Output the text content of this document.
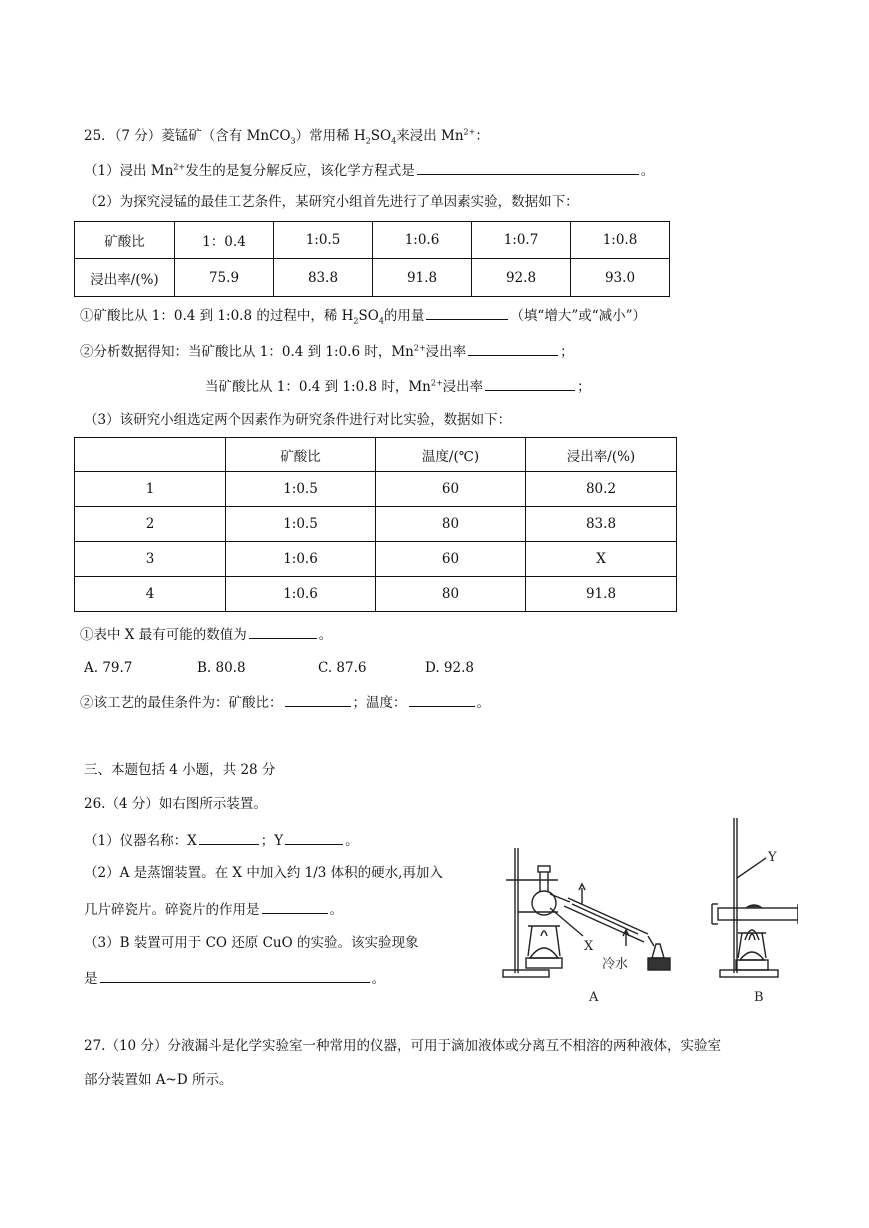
25．（7 分）菱锰矿（含有 MnCO$_3$）常用稀 $H_2SO_4$来浸出 $Mn^{2+}$：
（1）浸出 $Mn^{2+}$发生的是复分解反应，该化学方程式是	。
（2）为探究浸锰的最佳工艺条件，某研究小组首先进行了单因素实验，数据如下：
矿酸比	1：0.4	1:0.5	1:0.6	1:0.7	1:0.8
浸出率/(%)	75.9	83.8	91.8	92.8	93.0
①矿酸比从 1：0.4 到 1:0.8 的过程中，稀 $H_2SO_4$的用量	（填“增大”或“减小”）
②分析数据得知：当矿酸比从 1：0.4 到 1:0.6 时，$Mn^{2+}$浸出率	；
当矿酸比从 1：0.4 到 1:0.8 时，$Mn^{2+}$浸出率	；
（3）该研究小组选定两个因素作为研究条件进行对比实验，数据如下：
	矿酸比	温度/(℃)	浸出率/(%)
1	1:0.5	60	80.2
2	1:0.5	80	83.8
3	1:0.6	60	X
4	1:0.6	80	91.8
①表中 X 最有可能的数值为	。
A. 79.7	B. 80.8	C. 87.6	D. 92.8
②该工艺的最佳条件为：矿酸比：	；温度：	。
三、本题包括 4 小题，共 28 分
26.（4 分）如右图所示装置。
（1）仪器名称：X	；Y	。
（2）A 是蒸馏装置。在 X 中加入约 1/3 体积的硬水,再加入
几片碎瓷片。碎瓷片的作用是	。
（3）B 装置可用于 CO 还原 CuO 的实验。该实验现象
是	。
X
Y
冷水
A	B
27.（10 分）分液漏斗是化学实验室一种常用的仪器，可用于滴加液体或分离互不相溶的两种液体，实验室
部分装置如 A~D 所示。
